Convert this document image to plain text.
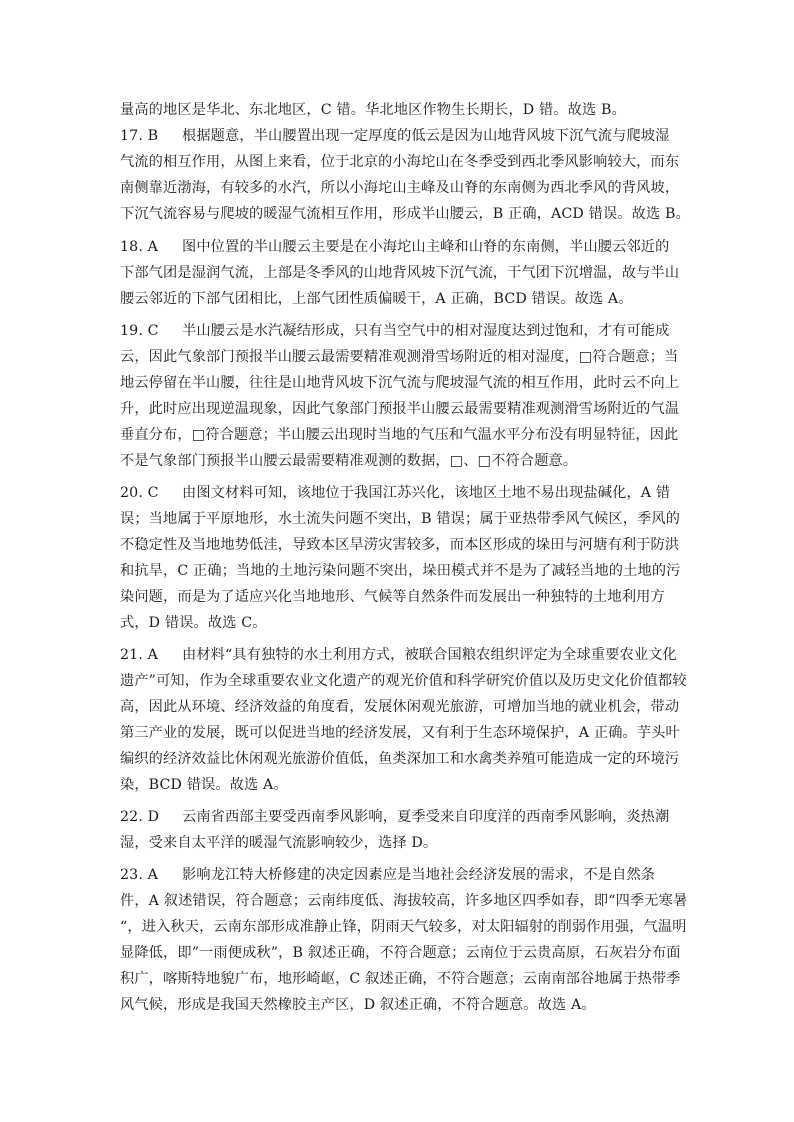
量高的地区是华北、东北地区，C 错。华北地区作物生长期长，D 错。故选 B。
17. B 根据题意，半山腰置出现一定厚度的低云是因为山地背风坡下沉气流与爬坡湿
气流的相互作用，从图上来看，位于北京的小海坨山在冬季受到西北季风影响较大，而东
南侧靠近渤海，有较多的水汽，所以小海坨山主峰及山脊的东南侧为西北季风的背风坡，
下沉气流容易与爬坡的暖湿气流相互作用，形成半山腰云，B 正确，ACD 错误。故选 B。
18. A 图中位置的半山腰云主要是在小海坨山主峰和山脊的东南侧，半山腰云邻近的
下部气团是湿润气流，上部是冬季风的山地背风坡下沉气流，干气团下沉增温，故与半山
腰云邻近的下部气团相比，上部气团性质偏暖干，A 正确，BCD 错误。故选 A。
19. C 半山腰云是水汽凝结形成，只有当空气中的相对湿度达到过饱和，才有可能成
云，因此气象部门预报半山腰云最需要精准观测滑雪场附近的相对湿度，□符合题意；当
地云停留在半山腰，往往是山地背风坡下沉气流与爬坡湿气流的相互作用，此时云不向上
升，此时应出现逆温现象，因此气象部门预报半山腰云最需要精准观测滑雪场附近的气温
垂直分布，□符合题意；半山腰云出现时当地的气压和气温水平分布没有明显特征，因此
不是气象部门预报半山腰云最需要精准观测的数据，□、□不符合题意。
20. C 由图文材料可知，该地位于我国江苏兴化，该地区土地不易出现盐碱化，A 错
误；当地属于平原地形，水土流失问题不突出，B 错误；属于亚热带季风气候区，季风的
不稳定性及当地地势低洼，导致本区旱涝灾害较多，而本区形成的垛田与河塘有利于防洪
和抗旱，C 正确；当地的土地污染问题不突出，垛田模式并不是为了减轻当地的土地的污
染问题，而是为了适应兴化当地地形、气候等自然条件而发展出一种独特的土地利用方
式，D 错误。故选 C。
21. A 由材料“具有独特的水土利用方式，被联合国粮农组织评定为全球重要农业文化
遗产”可知，作为全球重要农业文化遗产的观光价值和科学研究价值以及历史文化价值都较
高，因此从环境、经济效益的角度看，发展休闲观光旅游，可增加当地的就业机会，带动
第三产业的发展，既可以促进当地的经济发展，又有利于生态环境保护，A 正确。芋头叶
编织的经济效益比休闲观光旅游价值低，鱼类深加工和水禽类养殖可能造成一定的环境污
染，BCD 错误。故选 A。
22. D 云南省西部主要受西南季风影响，夏季受来自印度洋的西南季风影响，炎热潮
湿，受来自太平洋的暖湿气流影响较少，选择 D。
23. A 影响龙江特大桥修建的决定因素应是当地社会经济发展的需求，不是自然条
件，A 叙述错误，符合题意；云南纬度低、海拔较高，许多地区四季如春，即“四季无寒暑
“，进入秋天，云南东部形成准静止锋，阴雨天气较多，对太阳辐射的削弱作用强，气温明
显降低，即”一雨便成秋”，B 叙述正确，不符合题意；云南位于云贵高原，石灰岩分布面
积广，喀斯特地貌广布，地形崎岖，C 叙述正确，不符合题意；云南南部谷地属于热带季
风气候，形成是我国天然橡胶主产区，D 叙述正确，不符合题意。故选 A。
